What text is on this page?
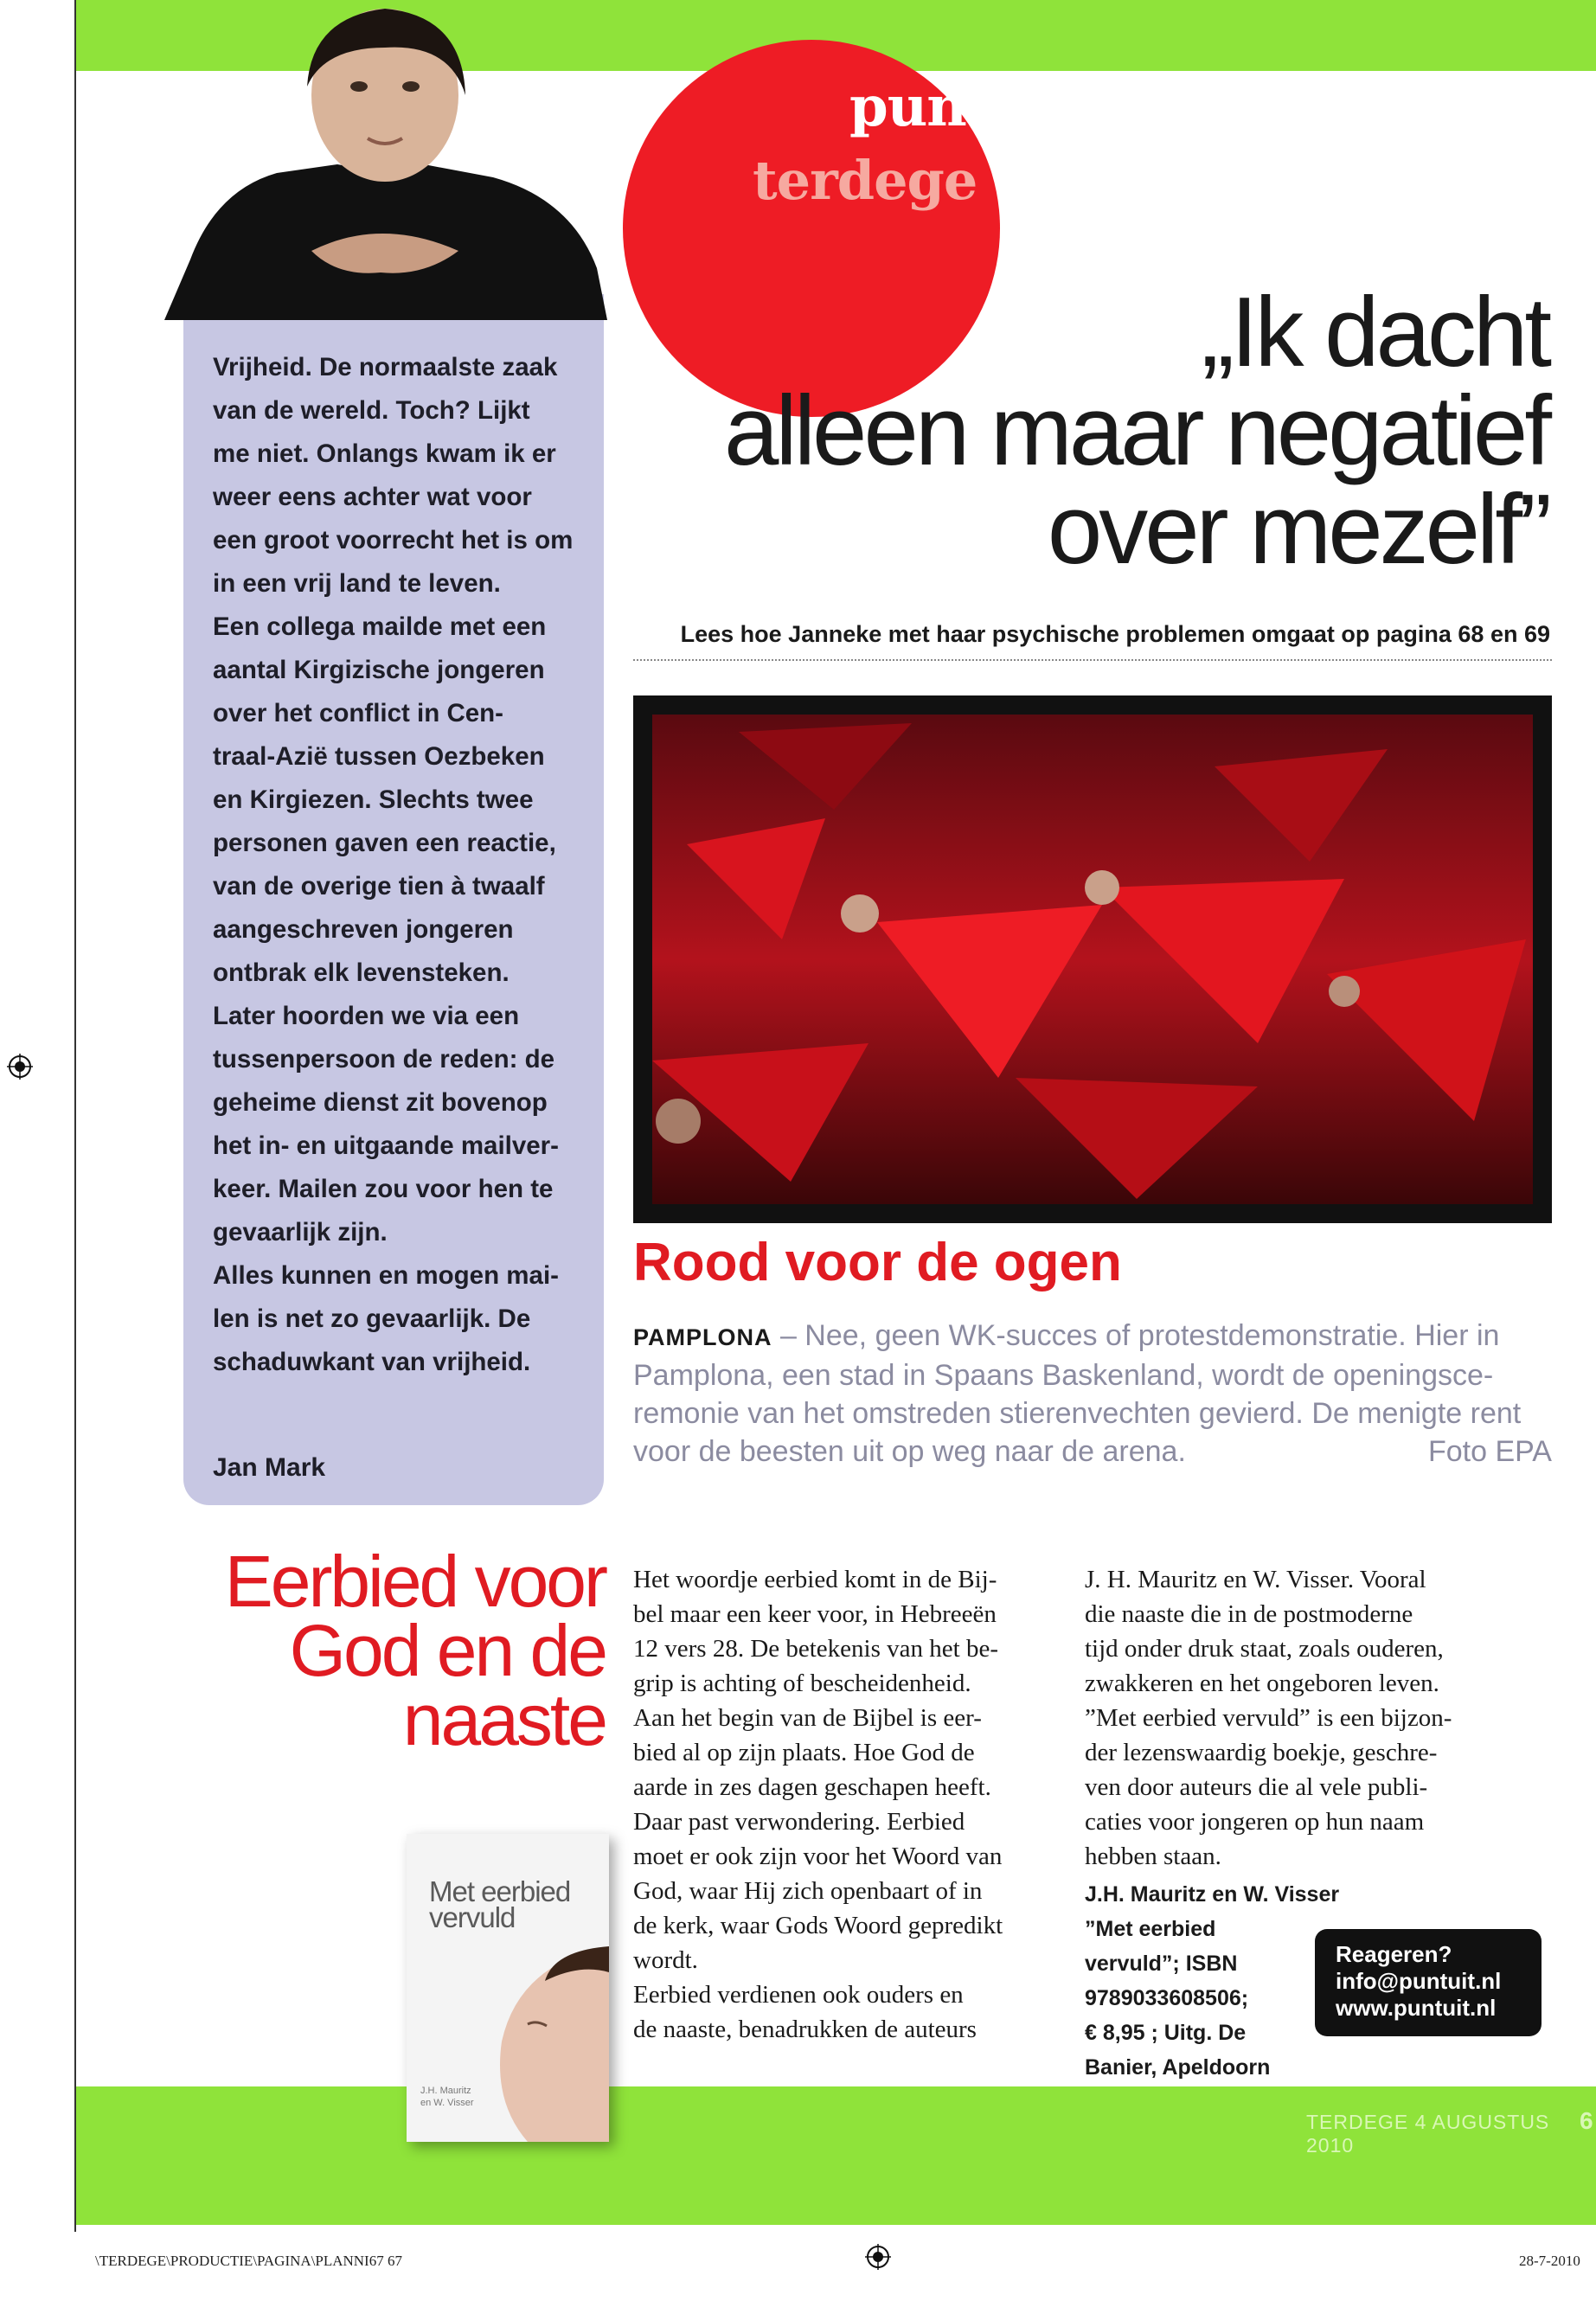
puntuit
terdege
Vrijheid. De normaalste zaak
van de wereld. Toch? Lijkt
me niet. Onlangs kwam ik er
weer eens achter wat voor
een groot voorrecht het is om
in een vrij land te leven.
Een collega mailde met een
aantal Kirgizische jongeren
over het conflict in Cen-
traal-Azië tussen Oezbeken
en Kirgiezen. Slechts twee
personen gaven een reactie,
van de overige tien à twaalf
aangeschreven jongeren
ontbrak elk levensteken.
Later hoorden we via een
tussenpersoon de reden: de
geheime dienst zit bovenop
het in- en uitgaande mailver-
keer. Mailen zou voor hen te
gevaarlijk zijn.
Alles kunnen en mogen mai-
len is net zo gevaarlijk. De
schaduwkant van vrijheid.
Jan Mark
„Ik dacht
alleen maar negatief
over mezelf”
Lees hoe Janneke met haar psychische problemen omgaat op pagina 68 en 69
Rood voor de ogen
PAMPLONA – Nee, geen WK-succes of protestdemonstratie. Hier in Pamplona, een stad in Spaans Baskenland, wordt de openingsce-remonie van het omstreden stierenvechten gevierd. De menigte rent voor de beesten uit op weg naar de arena.	Foto EPA
Eerbied voor
God en de
naaste
Met eerbied
vervuld
J.H. Mauritz
en W. Visser
Het woordje eerbied komt in de Bij-
bel maar een keer voor, in Hebreeën
12 vers 28. De betekenis van het be-
grip is achting of bescheidenheid.
Aan het begin van de Bijbel is eer-
bied al op zijn plaats. Hoe God de
aarde in zes dagen geschapen heeft.
Daar past verwondering. Eerbied
moet er ook zijn voor het Woord van
God, waar Hij zich openbaart of in
de kerk, waar Gods Woord gepredikt
wordt.
Eerbied verdienen ook ouders en
de naaste, benadrukken de auteurs
J. H. Mauritz en W. Visser. Vooral
die naaste die in de postmoderne
tijd onder druk staat, zoals ouderen,
zwakkeren en het ongeboren leven.
”Met eerbied vervuld” is een bijzon-
der lezenswaardig boekje, geschre-
ven door auteurs die al vele publi-
caties voor jongeren op hun naam
hebben staan.
J.H. Mauritz en W. Visser ”Met eerbied
vervuld”; ISBN
9789033608506;
€ 8,95 ; Uitg. De
Banier, Apeldoorn
Reageren?
info@puntuit.nl
www.puntuit.nl
TERDEGE 4 AUGUSTUS 2010
6
\TERDEGE\PRODUCTIE\PAGINA\PLANNI67 67	28-7-2010
